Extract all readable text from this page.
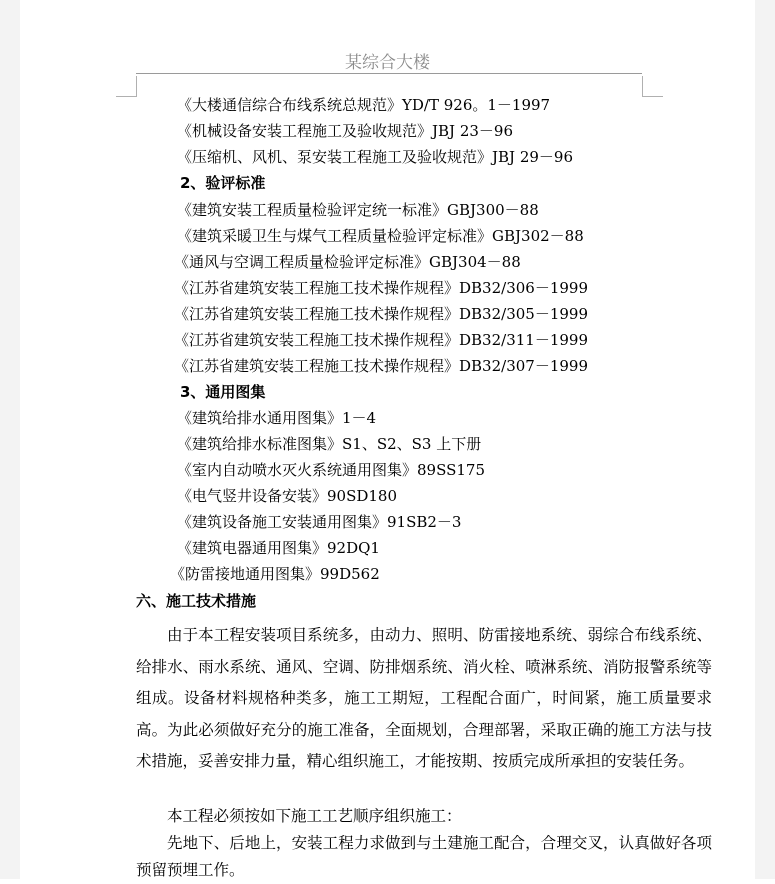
某综合大楼
《大楼通信综合布线系统总规范》YD/T 926。1－1997
《机械设备安装工程施工及验收规范》JBJ 23－96
《压缩机、风机、泵安装工程施工及验收规范》JBJ 29－96
2、验评标准
《建筑安装工程质量检验评定统一标准》GBJ300－88
《建筑采暖卫生与煤气工程质量检验评定标准》GBJ302－88
《通风与空调工程质量检验评定标准》GBJ304－88
《江苏省建筑安装工程施工技术操作规程》DB32/306－1999
《江苏省建筑安装工程施工技术操作规程》DB32/305－1999
《江苏省建筑安装工程施工技术操作规程》DB32/311－1999
《江苏省建筑安装工程施工技术操作规程》DB32/307－1999
3、通用图集
《建筑给排水通用图集》1－4
《建筑给排水标准图集》S1、S2、S3 上下册
《室内自动喷水灭火系统通用图集》89SS175
《电气竖井设备安装》90SD180
《建筑设备施工安装通用图集》91SB2－3
《建筑电器通用图集》92DQ1
《防雷接地通用图集》99D562
六、施工技术措施
由于本工程安装项目系统多，由动力、照明、防雷接地系统、弱综合布线系统、给排水、雨水系统、通风、空调、防排烟系统、消火栓、喷淋系统、消防报警系统等组成。设备材料规格种类多，施工工期短，工程配合面广，时间紧，施工质量要求高。为此必须做好充分的施工准备，全面规划，合理部署，采取正确的施工方法与技术措施，妥善安排力量，精心组织施工，才能按期、按质完成所承担的安装任务。
本工程必须按如下施工工艺顺序组织施工：
先地下、后地上，安装工程力求做到与土建施工配合，合理交叉，认真做好各项预留预埋工作。
